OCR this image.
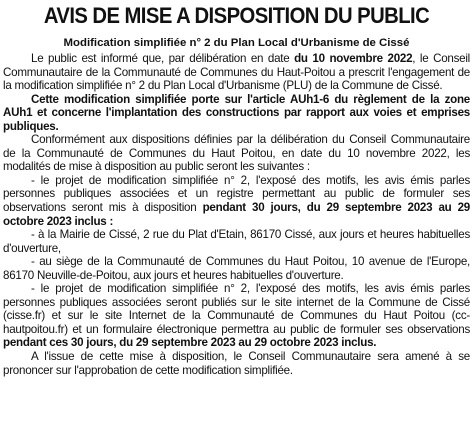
AVIS DE MISE A DISPOSITION DU PUBLIC
Modification simplifiée n° 2 du Plan Local d'Urbanisme de Cissé

Le public est informé que, par délibération en date du 10 novembre 2022, le Conseil Communautaire de la Communauté de Communes du Haut-Poitou a prescrit l'engagement de la modification simplifiée n° 2 du Plan Local d'Urbanisme (PLU) de la Commune de Cissé.

Cette modification simplifiée porte sur l'article AUh1-6 du règlement de la zone AUh1 et concerne l'implantation des constructions par rapport aux voies et emprises publiques.

Conformément aux dispositions définies par la délibération du Conseil Communautaire de la Communauté de Communes du Haut Poitou, en date du 10 novembre 2022, les modalités de mise à disposition au public seront les suivantes :

- le projet de modification simplifiée n° 2, l'exposé des motifs, les avis émis parles personnes publiques associées et un registre permettant au public de formuler ses observations seront mis à disposition pendant 30 jours, du 29 septembre 2023 au 29 octobre 2023 inclus :

- à la Mairie de Cissé, 2 rue du Plat d'Etain, 86170 Cissé, aux jours et heures habituelles d'ouverture,

- au siège de la Communauté de Communes du Haut Poitou, 10 avenue de l'Europe, 86170 Neuville-de-Poitou, aux jours et heures habituelles d'ouverture.

- le projet de modification simplifiée n° 2, l'exposé des motifs, les avis émis parles personnes publiques associées seront publiés sur le site internet de la Commune de Cissé (cisse.fr) et sur le site Internet de la Communauté de Communes du Haut Poitou (cc-hautpoitou.fr) et un formulaire électronique permettra au public de formuler ses observations pendant ces 30 jours, du 29 septembre 2023 au 29 octobre 2023 inclus.

A l'issue de cette mise à disposition, le Conseil Communautaire sera amené à se prononcer sur l'approbation de cette modification simplifiée.
